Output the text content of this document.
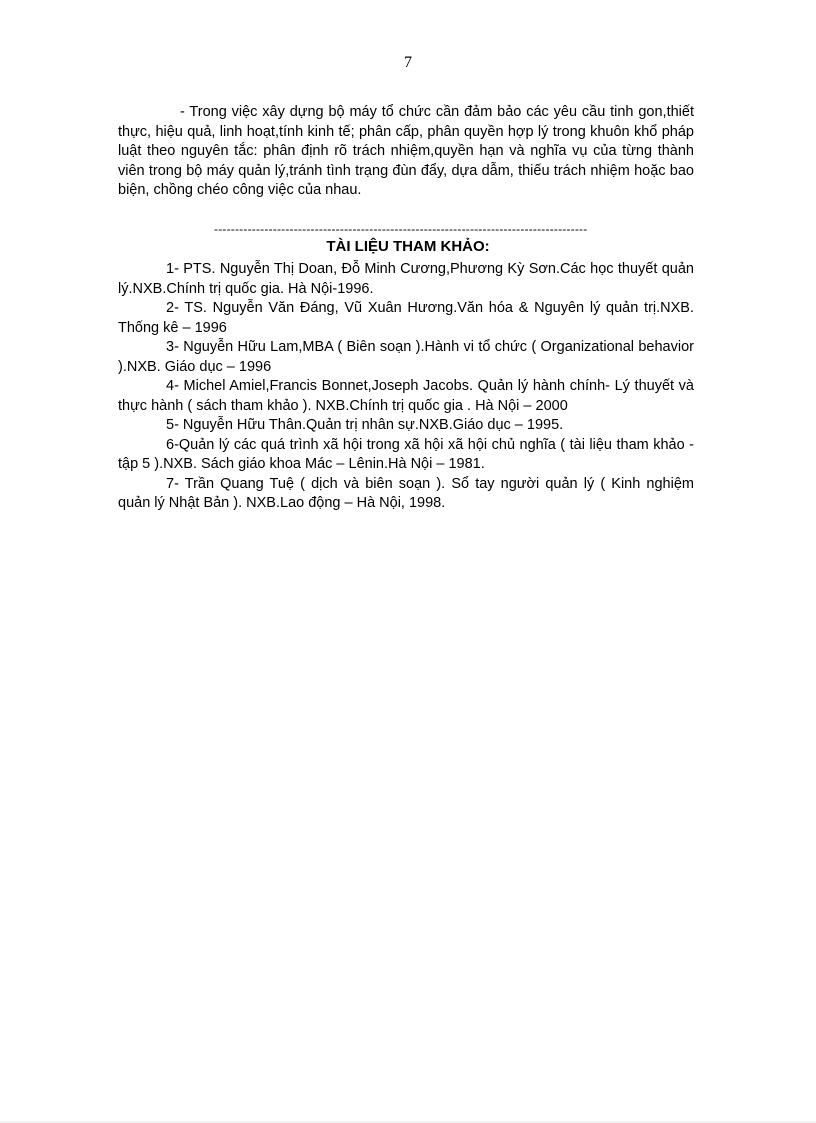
7

- Trong việc xây dựng bộ máy tổ chức cần đảm bảo các yêu cầu tinh gon,thiết thực, hiệu quả, linh hoạt,tính kinh tế; phân cấp, phân quyền hợp lý trong khuôn khổ pháp luật theo nguyên tắc: phân định rõ trách nhiệm,quyền hạn và nghĩa vụ của từng thành viên trong bộ máy quản lý,tránh tình trạng đùn đẩy, dựa dẫm, thiếu trách nhiệm hoặc bao biện, chồng chéo công việc của nhau.

-----------------------------------------------------------------------------------------
TÀI LIỆU THAM KHẢO:

1- PTS. Nguyễn Thị Doan, Đỗ Minh Cương,Phương Kỳ Sơn.Các học thuyết quản lý.NXB.Chính trị quốc gia. Hà Nội-1996.

2- TS. Nguyễn Văn Đáng, Vũ Xuân Hương.Văn hóa & Nguyên lý quản trị.NXB. Thống kê – 1996

3- Nguyễn Hữu Lam,MBA ( Biên soạn ).Hành vi tổ chức ( Organizational behavior ).NXB. Giáo dục – 1996

4- Michel Amiel,Francis Bonnet,Joseph Jacobs. Quản lý hành chính- Lý thuyết và thực hành ( sách tham khảo ). NXB.Chính trị quốc gia . Hà Nội – 2000

5- Nguyễn Hữu Thân.Quản trị nhân sự.NXB.Giáo dục – 1995.

6-Quản lý các quá trình xã hội trong xã hội xã hội chủ nghĩa ( tài liệu tham khảo - tập 5 ).NXB. Sách giáo khoa Mác – Lênin.Hà Nội – 1981.

7- Trần Quang Tuệ ( dịch và biên soạn ). Sổ tay người quản lý ( Kinh nghiệm quản lý Nhật Bản ). NXB.Lao động – Hà Nội, 1998.
